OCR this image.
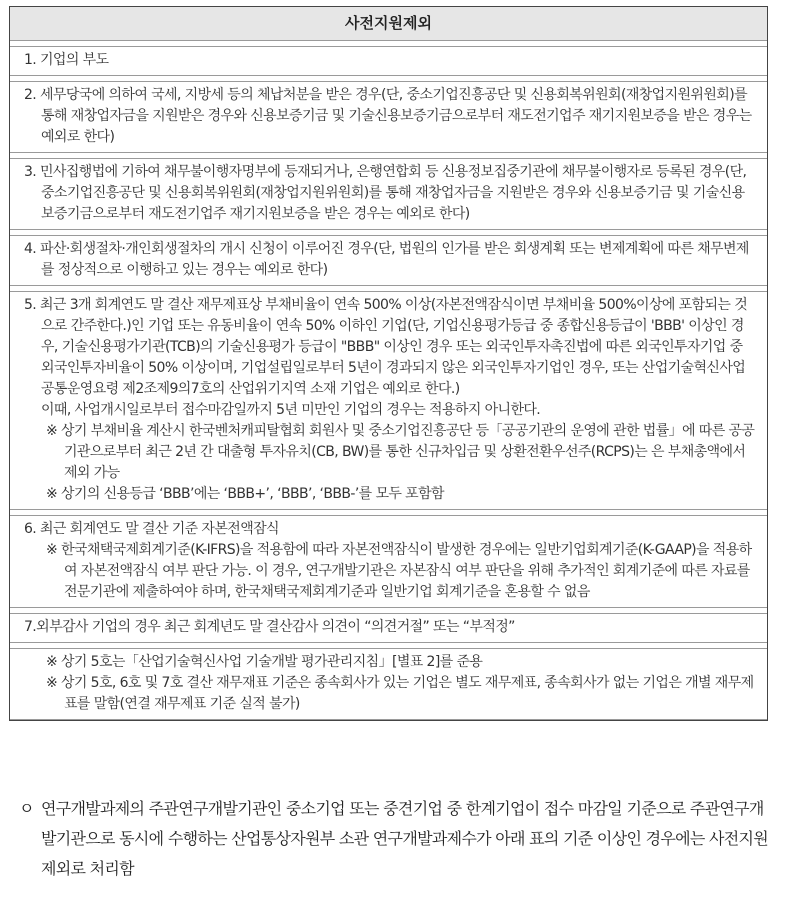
사전지원제외

1. 기업의 부도

2. 세무당국에 의하여 국세, 지방세 등의 체납처분을 받은 경우(단, 중소기업진흥공단 및 신용회복위원회(재창업지원위원회)를 통해 재창업자금을 지원받은 경우와 신용보증기금 및 기술신용보증기금으로부터 재도전기업주 재기지원보증을 받은 경우는 예외로 한다)

3. 민사집행법에 기하여 채무불이행자명부에 등재되거나, 은행연합회 등 신용정보집중기관에 채무불이행자로 등록된 경우(단, 중소기업진흥공단 및 신용회복위원회(재창업지원위원회)를 통해 재창업자금을 지원받은 경우와 신용보증기금 및 기술신용보증기금으로부터 재도전기업주 재기지원보증을 받은 경우는 예외로 한다)

4. 파산·회생절차·개인회생절차의 개시 신청이 이루어진 경우(단, 법원의 인가를 받은 회생계획 또는 변제계획에 따른 채무변제를 정상적으로 이행하고 있는 경우는 예외로 한다)

5. 최근 3개 회계연도 말 결산 재무제표상 부채비율이 연속 500% 이상(자본전액잠식이면 부채비율 500%이상에 포함되는 것으로 간주한다.)인 기업 또는 유동비율이 연속 50% 이하인 기업(단, 기업신용평가등급 중 종합신용등급이 'BBB' 이상인 경우, 기술신용평가기관(TCB)의 기술신용평가 등급이 "BBB" 이상인 경우 또는 외국인투자촉진법에 따른 외국인투자기업 중 외국인투자비율이 50% 이상이며, 기업설립일로부터 5년이 경과되지 않은 외국인투자기업인 경우, 또는 산업기술혁신사업 공통운영요령 제2조제9의7호의 산업위기지역 소재 기업은 예외로 한다.)

이때, 사업개시일로부터 접수마감일까지 5년 미만인 기업의 경우는 적용하지 아니한다.

※ 상기 부채비율 계산시 한국벤처캐피탈협회 회원사 및 중소기업진흥공단 등「공공기관의 운영에 관한 법률」에 따른 공공기관으로부터 최근 2년 간 대출형 투자유치(CB, BW)를 통한 신규차입금 및 상환전환우선주(RCPS)는 은 부채총액에서 제외 가능

※ 상기의 신용등급 ‘BBB’에는 ‘BBB+’, ‘BBB’, ‘BBB-’를 모두 포함함

6. 최근 회계연도 말 결산 기준 자본전액잠식

※ 한국채택국제회계기준(K-IFRS)을 적용함에 따라 자본전액잠식이 발생한 경우에는 일반기업회계기준(K-GAAP)을 적용하여 자본전액잠식 여부 판단 가능. 이 경우, 연구개발기관은 자본잠식 여부 판단을 위해 추가적인 회계기준에 따른 자료를 전문기관에 제출하여야 하며, 한국채택국제회계기준과 일반기업 회계기준을 혼용할 수 없음

7.외부감사 기업의 경우 최근 회계년도 말 결산감사 의견이 “의견거절” 또는 “부적정”

※ 상기 5호는「산업기술혁신사업 기술개발 평가관리지침」[별표 2]를 준용

※ 상기 5호, 6호 및 7호 결산 재무재표 기준은 종속회사가 있는 기업은 별도 재무제표, 종속회사가 없는 기업은 개별 재무제표를 말함(연결 재무제표 기준 실적 불가)

ㅇ 연구개발과제의 주관연구개발기관인 중소기업 또는 중견기업 중 한계기업이 접수 마감일 기준으로 주관연구개발기관으로 동시에 수행하는 산업통상자원부 소관 연구개발과제수가 아래 표의 기준 이상인 경우에는 사전지원제외로 처리함
